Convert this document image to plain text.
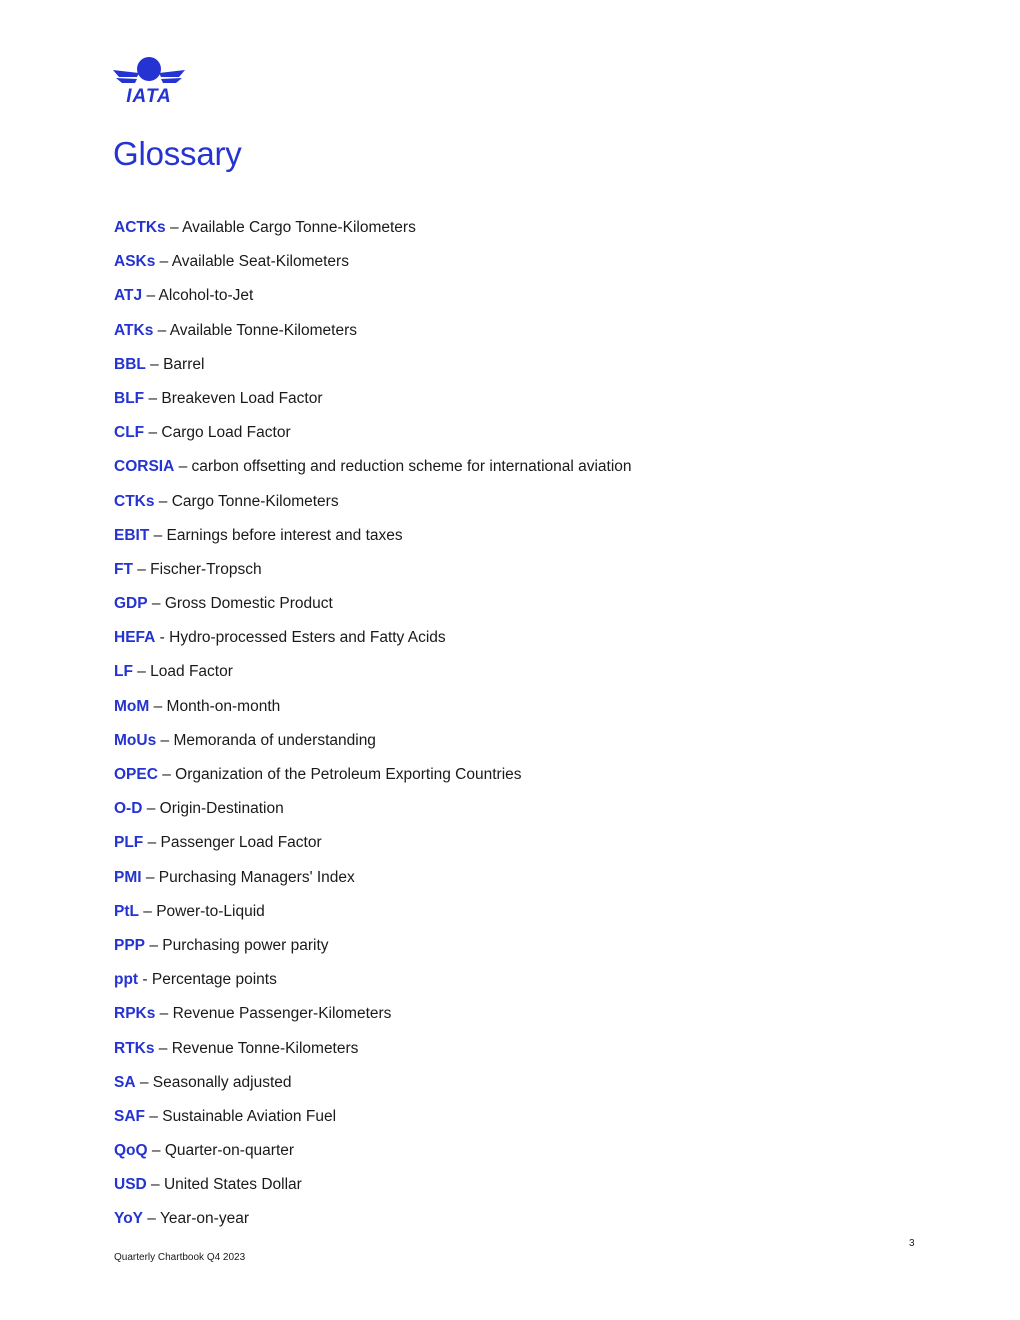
IATA
Glossary
ACTKs – Available Cargo Tonne-Kilometers
ASKs – Available Seat-Kilometers
ATJ – Alcohol-to-Jet
ATKs – Available Tonne-Kilometers
BBL – Barrel
BLF – Breakeven Load Factor
CLF – Cargo Load Factor
CORSIA – carbon offsetting and reduction scheme for international aviation
CTKs – Cargo Tonne-Kilometers
EBIT – Earnings before interest and taxes
FT – Fischer-Tropsch
GDP – Gross Domestic Product
HEFA - Hydro-processed Esters and Fatty Acids
LF – Load Factor
MoM – Month-on-month
MoUs – Memoranda of understanding
OPEC – Organization of the Petroleum Exporting Countries
O-D – Origin-Destination
PLF – Passenger Load Factor
PMI – Purchasing Managers' Index
PtL – Power-to-Liquid
PPP – Purchasing power parity
ppt - Percentage points
RPKs – Revenue Passenger-Kilometers
RTKs – Revenue Tonne-Kilometers
SA – Seasonally adjusted
SAF – Sustainable Aviation Fuel
QoQ – Quarter-on-quarter
USD – United States Dollar
YoY – Year-on-year
3
Quarterly Chartbook Q4 2023
